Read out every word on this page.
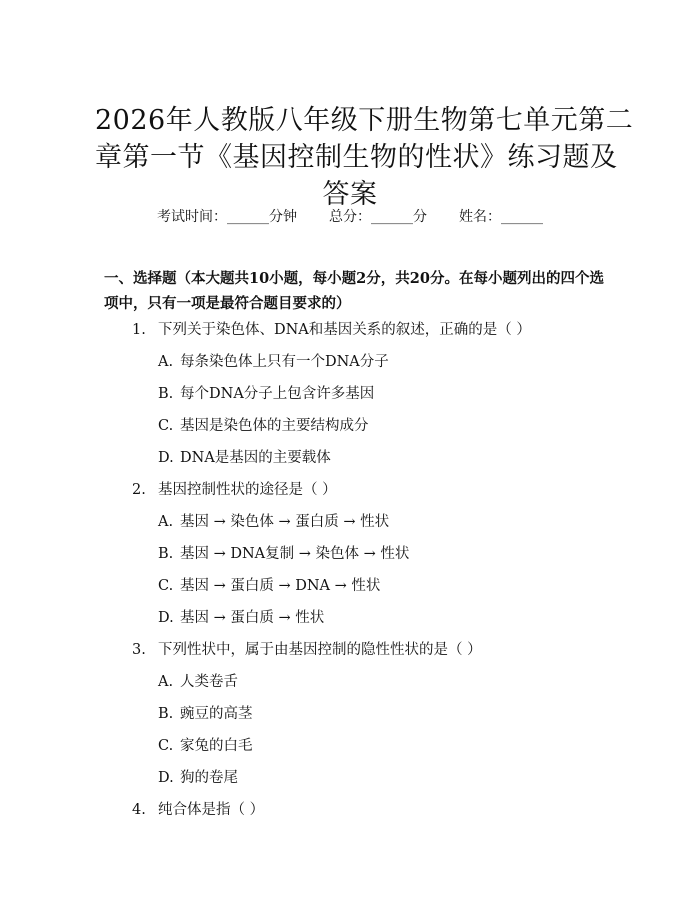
2026年人教版八年级下册生物第七单元第二
章第一节《基因控制生物的性状》练习题及
答案
考试时间：______分钟 总分：______分 姓名：______
一、选择题（本大题共10小题，每小题2分，共20分。在每小题列出的四个选
项中，只有一项是最符合题目要求的）
1. 下列关于染色体、DNA和基因关系的叙述，正确的是（ ）
A. 每条染色体上只有一个DNA分子
B. 每个DNA分子上包含许多基因
C. 基因是染色体的主要结构成分
D. DNA是基因的主要载体
2. 基因控制性状的途径是（ ）
A. 基因 → 染色体 → 蛋白质 → 性状
B. 基因 → DNA复制 → 染色体 → 性状
C. 基因 → 蛋白质 → DNA → 性状
D. 基因 → 蛋白质 → 性状
3. 下列性状中，属于由基因控制的隐性性状的是（ ）
A. 人类卷舌
B. 豌豆的高茎
C. 家兔的白毛
D. 狗的卷尾
4. 纯合体是指（ ）
